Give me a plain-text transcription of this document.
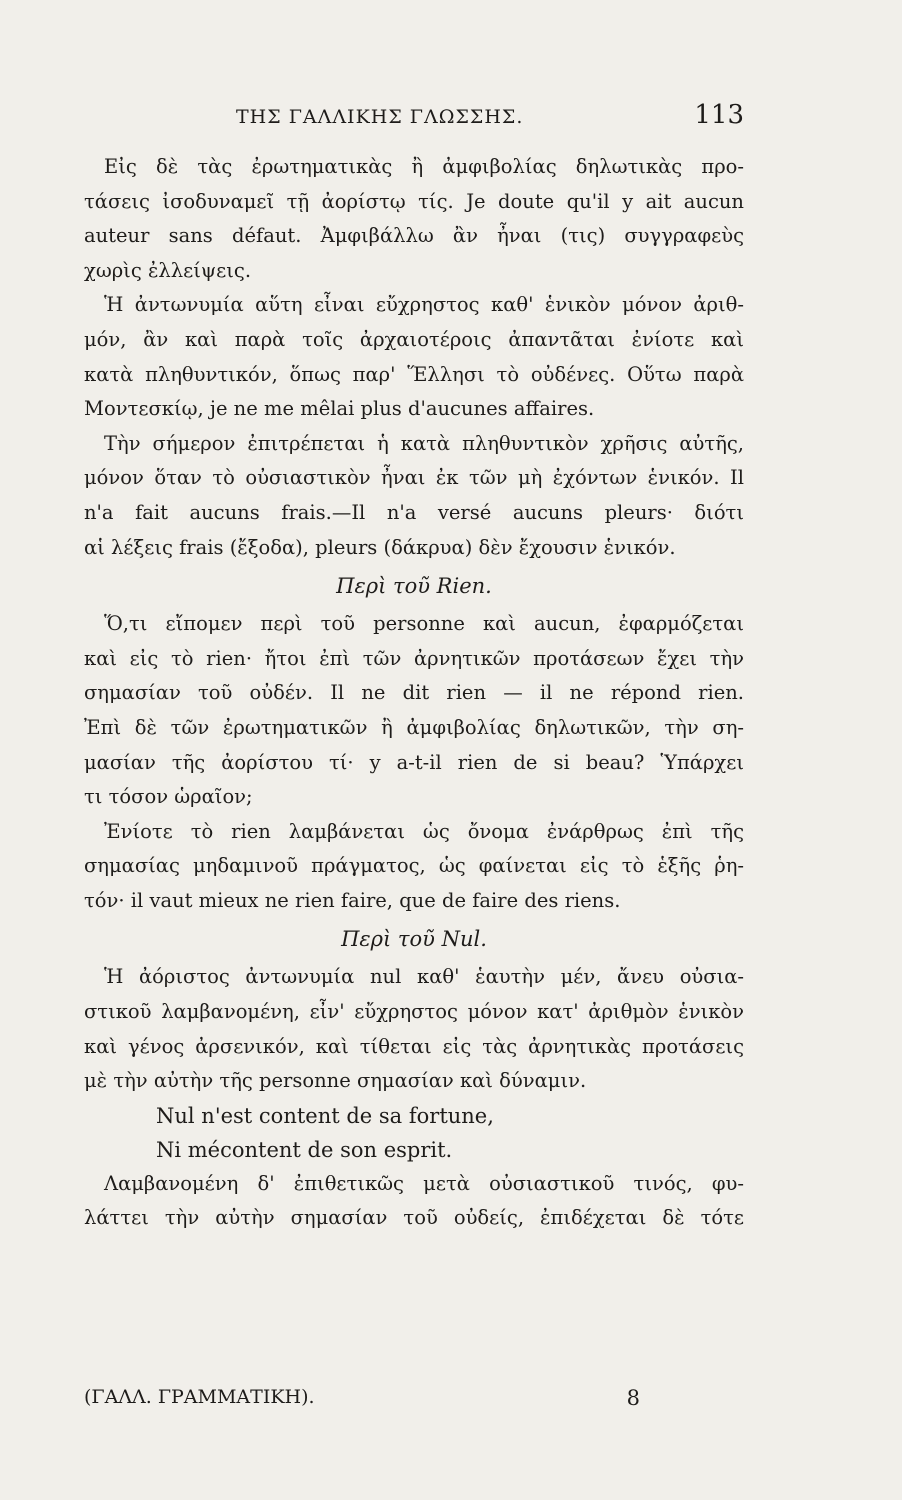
ΤΗΣ ΓΑΛΛΙΚΗΣ ΓΛΩΣΣΗΣ.	113

Εἰς δὲ τὰς ἐρωτηματικὰς ἢ ἀμφιβολίας δηλωτικὰς προ-
τάσεις ἰσοδυναμεῖ τῇ ἀορίστῳ τίς. Je doute qu'il y ait aucun
auteur sans défaut. Ἀμφιβάλλω ἂν ἦναι (τις) συγγραφεὺς
χωρὶς ἐλλείψεις.

Ἡ ἀντωνυμία αὕτη εἶναι εὔχρηστος καθ' ἑνικὸν μόνον ἀριθ-
μόν, ἂν καὶ παρὰ τοῖς ἀρχαιοτέροις ἀπαντᾶται ἐνίοτε καὶ
κατὰ πληθυντικόν, ὅπως παρ' Ἕλλησι τὸ οὐδένες. Οὕτω παρὰ
Μοντεσκίῳ, je ne me mêlai plus d'aucunes affaires.

Τὴν σήμερον ἐπιτρέπεται ἡ κατὰ πληθυντικὸν χρῆσις αὐτῆς,
μόνον ὅταν τὸ οὐσιαστικὸν ἦναι ἐκ τῶν μὴ ἐχόντων ἑνικόν. Il
n'a fait aucuns frais.—Il n'a versé aucuns pleurs· διότι
αἱ λέξεις frais (ἔξοδα), pleurs (δάκρυα) δὲν ἔχουσιν ἑνικόν.

Περὶ τοῦ Rien.

Ὅ,τι εἴπομεν περὶ τοῦ personne καὶ aucun, ἐφαρμόζεται
καὶ εἰς τὸ rien· ἤτοι ἐπὶ τῶν ἀρνητικῶν προτάσεων ἔχει τὴν
σημασίαν τοῦ οὐδέν. Il ne dit rien — il ne répond rien.
Ἐπὶ δὲ τῶν ἐρωτηματικῶν ἢ ἀμφιβολίας δηλωτικῶν, τὴν ση-
μασίαν τῆς ἀορίστου τί· y a-t-il rien de si beau? Ὑπάρχει
τι τόσον ὡραῖον;

Ἐνίοτε τὸ rien λαμβάνεται ὡς ὄνομα ἐνάρθρως ἐπὶ τῆς
σημασίας μηδαμινοῦ πράγματος, ὡς φαίνεται εἰς τὸ ἑξῆς ῥη-
τόν· il vaut mieux ne rien faire, que de faire des riens.

Περὶ τοῦ Nul.

Ἡ ἀόριστος ἀντωνυμία nul καθ' ἑαυτὴν μέν, ἄνευ οὐσια-
στικοῦ λαμβανομένη, εἶν' εὔχρηστος μόνον κατ' ἀριθμὸν ἑνικὸν
καὶ γένος ἀρσενικόν, καὶ τίθεται εἰς τὰς ἀρνητικὰς προτάσεις
μὲ τὴν αὐτὴν τῆς personne σημασίαν καὶ δύναμιν.

Nul n'est content de sa fortune,
Ni mécontent de son esprit.

Λαμβανομένη δ' ἐπιθετικῶς μετὰ οὐσιαστικοῦ τινός, φυ-
λάττει τὴν αὐτὴν σημασίαν τοῦ οὐδείς, ἐπιδέχεται δὲ τότε

(ΓΑΛΛ. ΓΡΑΜΜΑΤΙΚΗ).	8
